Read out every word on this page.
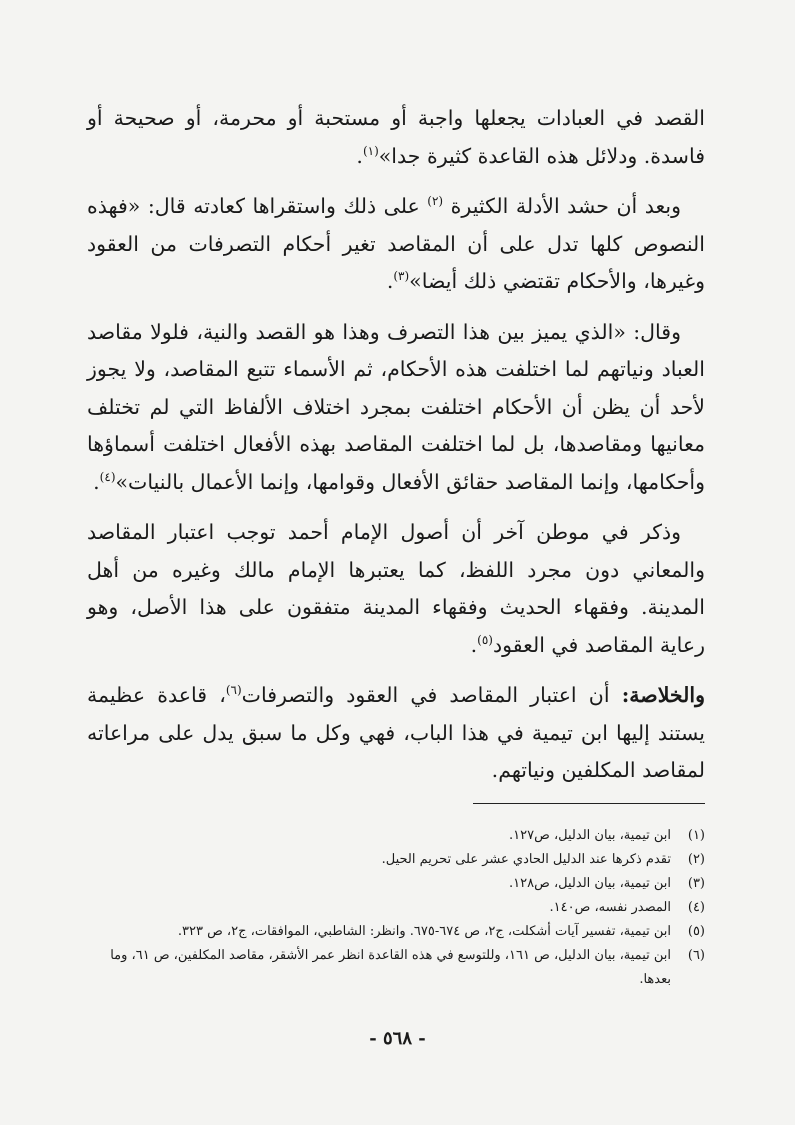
القصد في العبادات يجعلها واجبة أو مستحبة أو محرمة، أو صحيحة أو فاسدة. ودلائل هذه القاعدة كثيرة جدا»$^{(١)}$.

وبعد أن حشد الأدلة الكثيرة $^{(٢)}$ على ذلك واستقراها كعادته قال: «فهذه النصوص كلها تدل على أن المقاصد تغير أحكام التصرفات من العقود وغيرها، والأحكام تقتضي ذلك أيضا»$^{(٣)}$.

وقال: «الذي يميز بين هذا التصرف وهذا هو القصد والنية، فلولا مقاصد العباد ونياتهم لما اختلفت هذه الأحكام، ثم الأسماء تتبع المقاصد، ولا يجوز لأحد أن يظن أن الأحكام اختلفت بمجرد اختلاف الألفاظ التي لم تختلف معانيها ومقاصدها، بل لما اختلفت المقاصد بهذه الأفعال اختلفت أسماؤها وأحكامها، وإنما المقاصد حقائق الأفعال وقوامها، وإنما الأعمال بالنيات»$^{(٤)}$.

وذكر في موطن آخر أن أصول الإمام أحمد توجب اعتبار المقاصد والمعاني دون مجرد اللفظ، كما يعتبرها الإمام مالك وغيره من أهل المدينة. وفقهاء الحديث وفقهاء المدينة متفقون على هذا الأصل، وهو رعاية المقاصد في العقود$^{(٥)}$.

والخلاصة: أن اعتبار المقاصد في العقود والتصرفات$^{(٦)}$، قاعدة عظيمة يستند إليها ابن تيمية في هذا الباب، فهي وكل ما سبق يدل على مراعاته لمقاصد المكلفين ونياتهم.

(١)
ابن تيمية، بيان الدليل، ص١٢٧.
(٢)
تقدم ذكرها عند الدليل الحادي عشر على تحريم الحيل.
(٣)
ابن تيمية، بيان الدليل، ص١٢٨.
(٤)
المصدر نفسه، ص١٤٠.
(٥)
ابن تيمية، تفسير آيات أشكلت، ج٢، ص ٦٧٤-٦٧٥. وانظر: الشاطبي، الموافقات، ج٢، ص ٣٢٣.
(٦)
ابن تيمية، بيان الدليل، ص ١٦١، وللتوسع في هذه القاعدة انظر عمر الأشقر، مقاصد المكلفين، ص ٦١، وما بعدها.
- ٥٦٨ -
